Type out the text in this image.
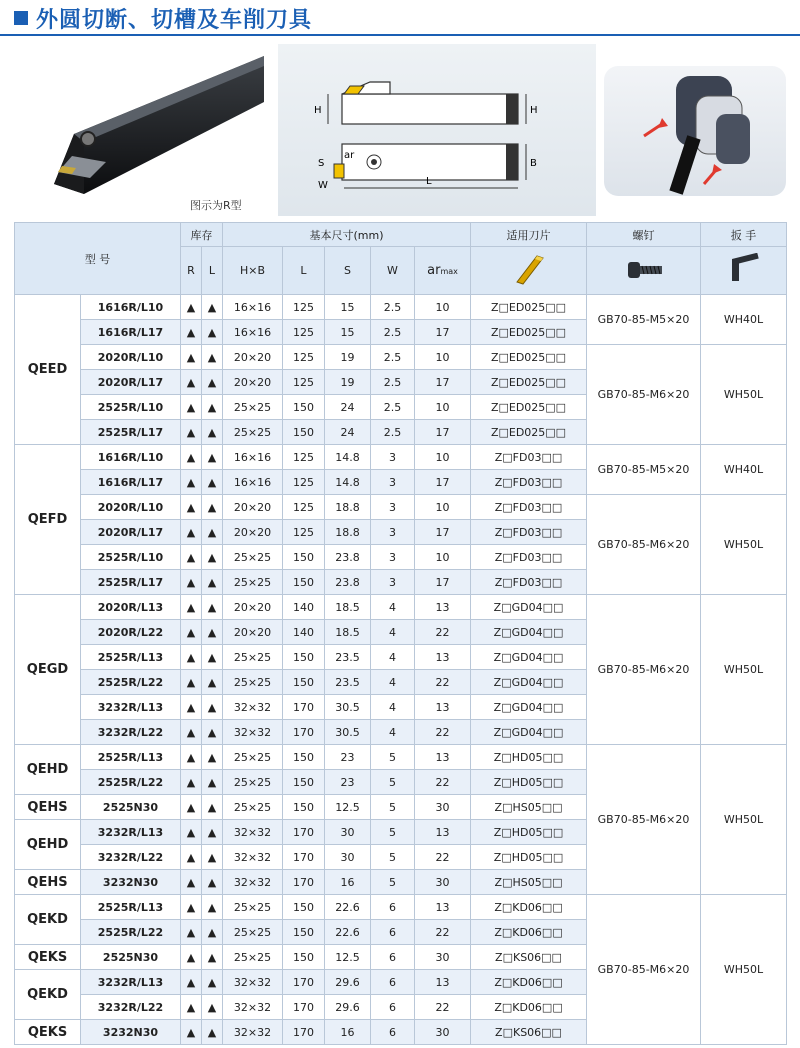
外圆切断、切槽及车削刀具
图示为R型
H	H
S
ar
W	L
B
型 号		库存		基本尺寸(mm)					适用刀片	螺钉	扳 手
		R	L	H×B	L	S	W	armax			
QEED	1616R/L10	▲	▲	16×16	125	15	2.5	10	Z□ED025□□	GB70-85-M5×20	WH40L
	1616R/L17	▲	▲	16×16	125	15	2.5	17	Z□ED025□□		
	2020R/L10	▲	▲	20×20	125	19	2.5	10	Z□ED025□□	GB70-85-M6×20	WH50L
	2020R/L17	▲	▲	20×20	125	19	2.5	17	Z□ED025□□		
	2525R/L10	▲	▲	25×25	150	24	2.5	10	Z□ED025□□		
	2525R/L17	▲	▲	25×25	150	24	2.5	17	Z□ED025□□		
QEFD	1616R/L10	▲	▲	16×16	125	14.8	3	10	Z□FD03□□	GB70-85-M5×20	WH40L
	1616R/L17	▲	▲	16×16	125	14.8	3	17	Z□FD03□□		
	2020R/L10	▲	▲	20×20	125	18.8	3	10	Z□FD03□□	GB70-85-M6×20	WH50L
	2020R/L17	▲	▲	20×20	125	18.8	3	17	Z□FD03□□		
	2525R/L10	▲	▲	25×25	150	23.8	3	10	Z□FD03□□		
	2525R/L17	▲	▲	25×25	150	23.8	3	17	Z□FD03□□		
QEGD	2020R/L13	▲	▲	20×20	140	18.5	4	13	Z□GD04□□	GB70-85-M6×20	WH50L
	2020R/L22	▲	▲	20×20	140	18.5	4	22	Z□GD04□□		
	2525R/L13	▲	▲	25×25	150	23.5	4	13	Z□GD04□□		
	2525R/L22	▲	▲	25×25	150	23.5	4	22	Z□GD04□□		
	3232R/L13	▲	▲	32×32	170	30.5	4	13	Z□GD04□□		
	3232R/L22	▲	▲	32×32	170	30.5	4	22	Z□GD04□□		
QEHD	2525R/L13	▲	▲	25×25	150	23	5	13	Z□HD05□□	GB70-85-M6×20	WH50L
	2525R/L22	▲	▲	25×25	150	23	5	22	Z□HD05□□		
QEHS	2525N30	▲	▲	25×25	150	12.5	5	30	Z□HS05□□		
QEHD	3232R/L13	▲	▲	32×32	170	30	5	13	Z□HD05□□		
	3232R/L22	▲	▲	32×32	170	30	5	22	Z□HD05□□		
QEHS	3232N30	▲	▲	32×32	170	16	5	30	Z□HS05□□		
QEKD	2525R/L13	▲	▲	25×25	150	22.6	6	13	Z□KD06□□	GB70-85-M6×20	WH50L
	2525R/L22	▲	▲	25×25	150	22.6	6	22	Z□KD06□□		
QEKS	2525N30	▲	▲	25×25	150	12.5	6	30	Z□KS06□□		
QEKD	3232R/L13	▲	▲	32×32	170	29.6	6	13	Z□KD06□□		
	3232R/L22	▲	▲	32×32	170	29.6	6	22	Z□KD06□□		
QEKS	3232N30	▲	▲	32×32	170	16	6	30	Z□KS06□□		
